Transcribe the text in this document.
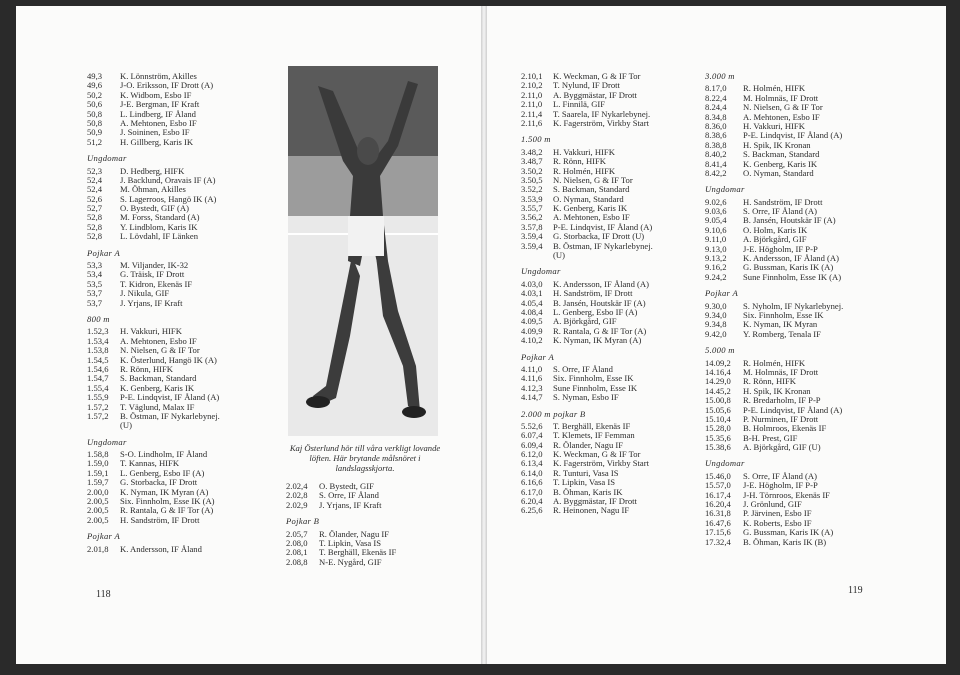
49,3	K. Lönnström, Akilles
49,6	J-O. Eriksson, IF Drott (A)
50,2	K. Widbom, Esbo IF
50,6	J-E. Bergman, IF Kraft
50,8	L. Lindberg, IF Åland
50,8	A. Mehtonen, Esbo IF
50,9	J. Soininen, Esbo IF
51,2	H. Gillberg, Karis IK
Ungdomar
52,3	D. Hedberg, HIFK
52,4	J. Backlund, Oravais IF (A)
52,4	M. Öhman, Akilles
52,6	S. Lagerroos, Hangö IK (A)
52,7	O. Bystedt, GIF (A)
52,8	M. Forss, Standard (A)
52,8	Y. Lindblom, Karis IK
52,8	L. Lövdahl, IF Länken
Pojkar A
53,3	M. Viljander, IK-32
53,4	G. Träisk, IF Drott
53,5	T. Kidron, Ekenäs IF
53,7	J. Nikula, GIF
53,7	J. Yrjans, IF Kraft
800 m
1.52,3	H. Vakkuri, HIFK
1.53,4	A. Mehtonen, Esbo IF
1.53,8	N. Nielsen, G & IF Tor
1.54,5	K. Österlund, Hangö IK (A)
1.54,6	R. Rönn, HIFK
1.54,7	S. Backman, Standard
1.55,4	K. Genberg, Karis IK
1.55,9	P-E. Lindqvist, IF Åland (A)
1.57,2	T. Väglund, Malax IF
1.57,2	B. Östman, IF Nykarlebynej.
(U)
Ungdomar
1.58,8	S-O. Lindholm, IF Åland
1.59,0	T. Kannas, HIFK
1.59,1	L. Genberg, Esbo IF (A)
1.59,7	G. Storbacka, IF Drott
2.00,0	K. Nyman, IK Myran (A)
2.00,5	Six. Finnholm, Esse IK (A)
2.00,5	R. Rantala, G & IF Tor (A)
2.00,5	H. Sandström, IF Drott
Pojkar A
2.01,8	K. Andersson, IF Åland
2.02,4	O. Bystedt, GIF
2.02,8	S. Orre, IF Åland
2.02,9	J. Yrjans, IF Kraft
Pojkar B
2.05,7	R. Ölander, Nagu IF
2.08,0	T. Lipkin, Vasa IS
2.08,1	T. Berghäll, Ekenäs IF
2.08,8	N-E. Nygård, GIF
Kaj Österlund hör till våra verkligt lovande löften. Här brytande målsnöret i landslagsskjorta.
118
2.10,1	K. Weckman, G & IF Tor
2.10,2	T. Nylund, IF Drott
2.11,0	A. Byggmästar, IF Drott
2.11,0	L. Finnilä, GIF
2.11,4	T. Saarela, IF Nykarlebynej.
2.11,6	K. Fagerström, Virkby Start
1.500 m
3.48,2	H. Vakkuri, HIFK
3.48,7	R. Rönn, HIFK
3.50,2	R. Holmén, HIFK
3.50,5	N. Nielsen, G & IF Tor
3.52,2	S. Backman, Standard
3.53,9	O. Nyman, Standard
3.55,7	K. Genberg, Karis IK
3.56,2	A. Mehtonen, Esbo IF
3.57,8	P-E. Lindqvist, IF Åland (A)
3.59,4	G. Storbacka, IF Drott (U)
3.59,4	B. Östman, IF Nykarlebynej.
(U)
Ungdomar
4.03,0	K. Andersson, IF Åland (A)
4.03,1	H. Sandström, IF Drott
4.05,4	B. Jansén, Houtskär IF (A)
4.08,4	L. Genberg, Esbo IF (A)
4.09,5	A. Björkgård, GIF
4.09,9	R. Rantala, G & IF Tor (A)
4.10,2	K. Nyman, IK Myran (A)
Pojkar A
4.11,0	S. Orre, IF Åland
4.11,6	Six. Finnholm, Esse IK
4.12,3	Sune Finnholm, Esse IK
4.14,7	S. Nyman, Esbo IF
2.000 m pojkar B
5.52,6	T. Berghäll, Ekenäs IF
6.07,4	T. Klemets, IF Femman
6.09,4	R. Ölander, Nagu IF
6.12,0	K. Weckman, G & IF Tor
6.13,4	K. Fagerström, Virkby Start
6.14,0	R. Tunturi, Vasa IS
6.16,6	T. Lipkin, Vasa IS
6.17,0	B. Öhman, Karis IK
6.20,4	A. Byggmästar, IF Drott
6.25,6	R. Heinonen, Nagu IF
3.000 m
8.17,0	R. Holmén, HIFK
8.22,4	M. Holmnäs, IF Drott
8.24,4	N. Nielsen, G & IF Tor
8.34,8	A. Mehtonen, Esbo IF
8.36,0	H. Vakkuri, HIFK
8.38,6	P-E. Lindqvist, IF Åland (A)
8.38,8	H. Spik, IK Kronan
8.40,2	S. Backman, Standard
8.41,4	K. Genberg, Karis IK
8.42,2	O. Nyman, Standard
Ungdomar
9.02,6	H. Sandström, IF Drott
9.03,6	S. Orre, IF Åland (A)
9.05,4	B. Jansén, Houtskär IF (A)
9.10,6	O. Holm, Karis IK
9.11,0	A. Björkgård, GIF
9.13,0	J-E. Högholm, IF P-P
9.13,2	K. Andersson, IF Åland (A)
9.16,2	G. Bussman, Karis IK (A)
9.24,2	Sune Finnholm, Esse IK (A)
Pojkar A
9.30,0	S. Nyholm, IF Nykarlebynej.
9.34,0	Six. Finnholm, Esse IK
9.34,8	K. Nyman, IK Myran
9.42,0	Y. Romberg, Tenala IF
5.000 m
14.09,2	R. Holmén, HIFK
14.16,4	M. Holmnäs, IF Drott
14.29,0	R. Rönn, HIFK
14.45,2	H. Spik, IK Kronan
15.00,8	R. Bredarholm, IF P-P
15.05,6	P-E. Lindqvist, IF Åland (A)
15.10,4	P. Nurminen, IF Drott
15.28,0	B. Holmroos, Ekenäs IF
15.35,6	B-H. Prest, GIF
15.38,6	A. Björkgård, GIF (U)
Ungdomar
15.46,0	S. Orre, IF Åland (A)
15.57,0	J-E. Högholm, IF P-P
16.17,4	J-H. Törnroos, Ekenäs IF
16.20,4	J. Grönlund, GIF
16.31,8	P. Järvinen, Esbo IF
16.47,6	K. Roberts, Esbo IF
17.15,6	G. Bussman, Karis IK (A)
17.32,4	B. Öhman, Karis IK (B)
119
